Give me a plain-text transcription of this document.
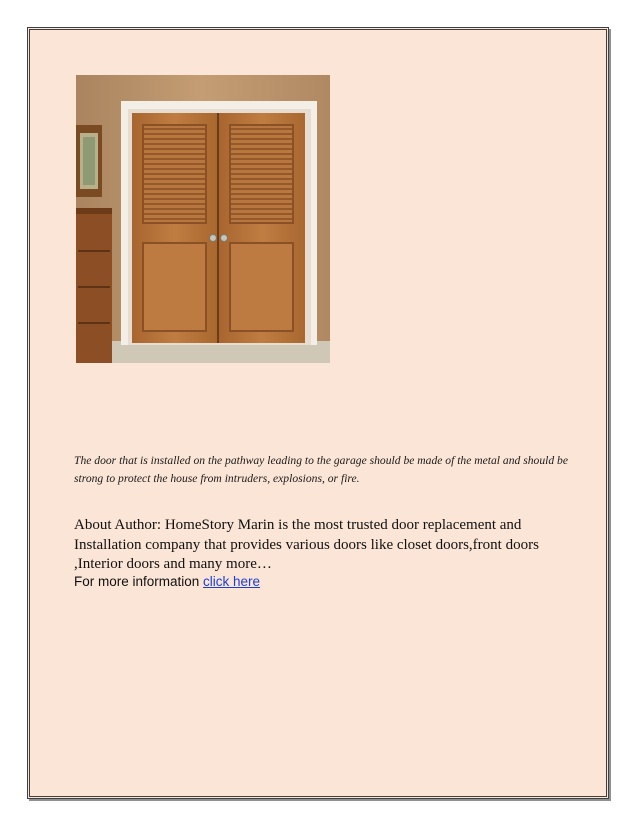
The door that is installed on the pathway leading to the garage should be made of the metal and should be strong to protect the house from intruders, explosions, or fire.

About Author: HomeStory Marin is the most trusted door replacement and Installation company that provides various doors like closet doors,front doors ,Interior doors and many more…

For more information click here
